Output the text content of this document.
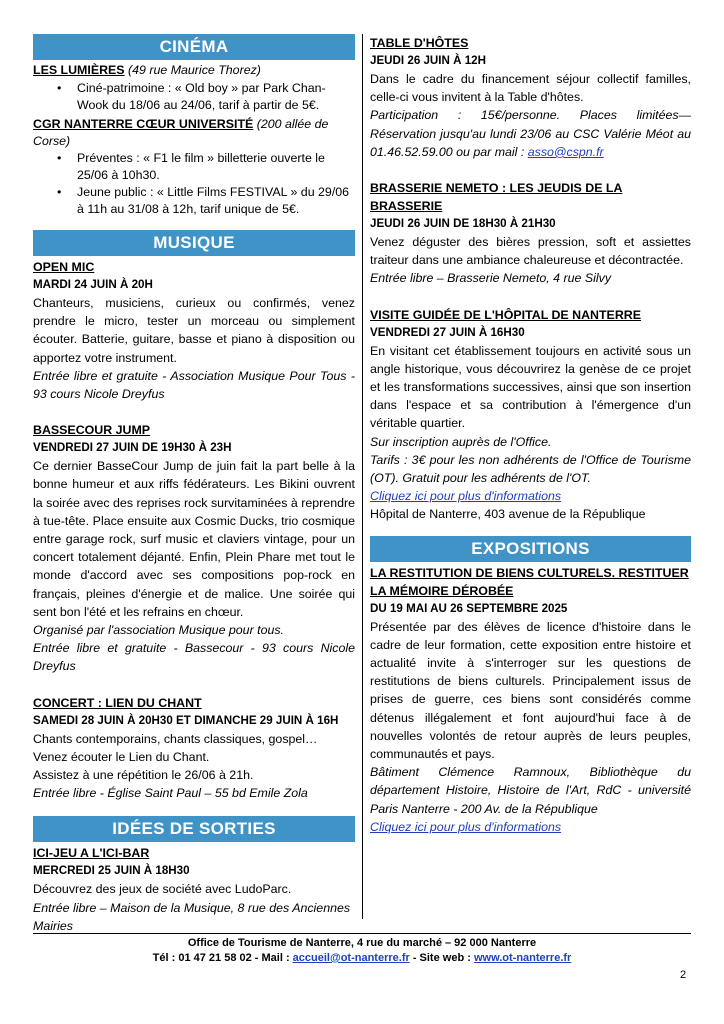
CINÉMA
LES LUMIÈRES (49 rue Maurice Thorez)
• Ciné-patrimoine : « Old boy » par Park Chan-Wook du 18/06 au 24/06, tarif à partir de 5€.
CGR NANTERRE CŒUR UNIVERSITÉ (200 allée de Corse)
• Préventes : « F1 le film » billetterie ouverte le 25/06 à 10h30.
• Jeune public : « Little Films FESTIVAL » du 29/06 à 11h au 31/08 à 12h, tarif unique de 5€.
MUSIQUE
OPEN MIC
MARDI 24 JUIN À 20H

Chanteurs, musiciens, curieux ou confirmés, venez prendre le micro, tester un morceau ou simplement écouter. Batterie, guitare, basse et piano à disposition ou apportez votre instrument.

Entrée libre et gratuite - Association Musique Pour Tous - 93 cours Nicole Dreyfus

BASSECOUR JUMP
VENDREDI 27 JUIN DE 19H30 À 23H

Ce dernier BasseCour Jump de juin fait la part belle à la bonne humeur et aux riffs fédérateurs. Les Bikini ouvrent la soirée avec des reprises rock survitaminées à reprendre à tue-tête. Place ensuite aux Cosmic Ducks, trio cosmique entre garage rock, surf music et claviers vintage, pour un concert totalement déjanté. Enfin, Plein Phare met tout le monde d'accord avec ses compositions pop-rock en français, pleines d'énergie et de malice. Une soirée qui sent bon l'été et les refrains en chœur.

Organisé par l'association Musique pour tous.

Entrée libre et gratuite - Bassecour - 93 cours Nicole Dreyfus

CONCERT : LIEN DU CHANT
SAMEDI 28 JUIN À 20H30 ET DIMANCHE 29 JUIN À 16H

Chants contemporains, chants classiques, gospel… Venez écouter le Lien du Chant.

Assistez à une répétition le 26/06 à 21h.

Entrée libre - Église Saint Paul – 55 bd Emile Zola

IDÉES DE SORTIES
ICI-JEU A L'ICI-BAR
MERCREDI 25 JUIN À 18H30

Découvrez des jeux de société avec LudoParc.

Entrée libre – Maison de la Musique, 8 rue des Anciennes Mairies

TABLE D'HÔTES
JEUDI 26 JUIN À 12H

Dans le cadre du financement séjour collectif familles, celle-ci vous invitent à la Table d'hôtes.

Participation : 15€/personne. Places limitées—Réservation jusqu'au lundi 23/06 au CSC Valérie Méot au 01.46.52.59.00 ou par mail : asso@cspn.fr

BRASSERIE NEMETO : LES JEUDIS DE LA BRASSERIE
JEUDI 26 JUIN DE 18H30 À 21H30

Venez déguster des bières pression, soft et assiettes traiteur dans une ambiance chaleureuse et décontractée.

Entrée libre – Brasserie Nemeto, 4 rue Silvy

VISITE GUIDÉE DE L'HÔPITAL DE NANTERRE
VENDREDI 27 JUIN À 16H30

En visitant cet établissement toujours en activité sous un angle historique, vous découvrirez la genèse de ce projet et les transformations successives, ainsi que son insertion dans l'espace et sa contribution à l'émergence d'un véritable quartier.

Sur inscription auprès de l'Office.

Tarifs : 3€ pour les non adhérents de l'Office de Tourisme (OT). Gratuit pour les adhérents de l'OT.

Cliquez ici pour plus d'informations

Hôpital de Nanterre, 403 avenue de la République

EXPOSITIONS
LA RESTITUTION DE BIENS CULTURELS. RESTITUER LA MÉMOIRE DÉROBÉE
DU 19 MAI AU 26 SEPTEMBRE 2025

Présentée par des élèves de licence d'histoire dans le cadre de leur formation, cette exposition entre histoire et actualité invite à s'interroger sur les questions de restitutions de biens culturels. Principalement issus de prises de guerre, ces biens sont considérés comme détenus illégalement et font aujourd'hui face à de nouvelles volontés de retour auprès de leurs peuples, communautés et pays.

Bâtiment Clémence Ramnoux, Bibliothèque du département Histoire, Histoire de l'Art, RdC - université Paris Nanterre - 200 Av. de la République

Cliquez ici pour plus d'informations

Office de Tourisme de Nanterre, 4 rue du marché – 92 000 Nanterre
Tél : 01 47 21 58 02 - Mail : accueil@ot-nanterre.fr - Site web : www.ot-nanterre.fr
2
